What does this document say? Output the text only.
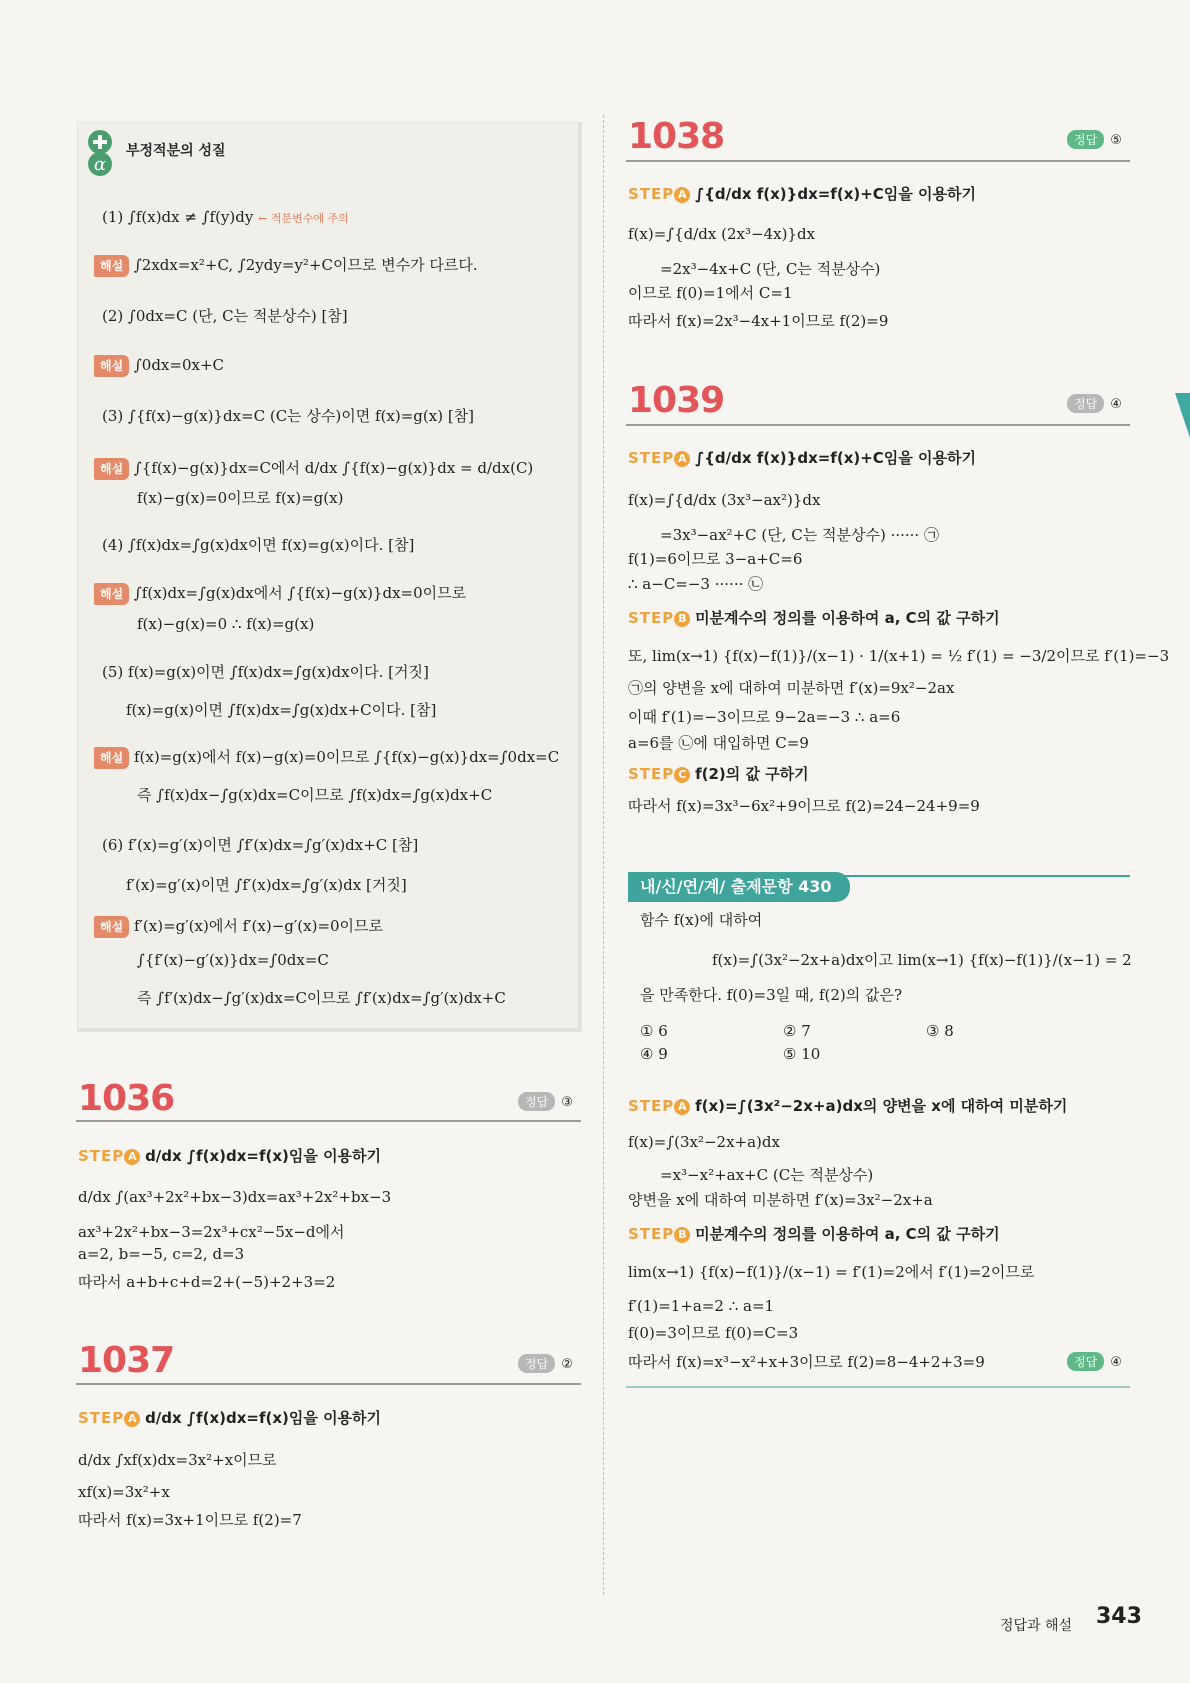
α
부정적분의 성질
(1) ∫f(x)dx ≠ ∫f(y)dy ← 적분변수에 주의
해설 ∫2xdx=x²+C, ∫2ydy=y²+C이므로 변수가 다르다.
(2) ∫0dx=C (단, C는 적분상수) [참]
해설 ∫0dx=0x+C
(3) ∫{f(x)−g(x)}dx=C (C는 상수)이면 f(x)=g(x) [참]
해설 ∫{f(x)−g(x)}dx=C에서 d/dx ∫{f(x)−g(x)}dx = d/dx(C)
f(x)−g(x)=0이므로 f(x)=g(x)
(4) ∫f(x)dx=∫g(x)dx이면 f(x)=g(x)이다. [참]
해설 ∫f(x)dx=∫g(x)dx에서 ∫{f(x)−g(x)}dx=0이므로
f(x)−g(x)=0 ∴ f(x)=g(x)
(5) f(x)=g(x)이면 ∫f(x)dx=∫g(x)dx이다. [거짓]
f(x)=g(x)이면 ∫f(x)dx=∫g(x)dx+C이다. [참]
해설 f(x)=g(x)에서 f(x)−g(x)=0이므로 ∫{f(x)−g(x)}dx=∫0dx=C
즉 ∫f(x)dx−∫g(x)dx=C이므로 ∫f(x)dx=∫g(x)dx+C
(6) f′(x)=g′(x)이면 ∫f′(x)dx=∫g′(x)dx+C [참]
f′(x)=g′(x)이면 ∫f′(x)dx=∫g′(x)dx [거짓]
해설 f′(x)=g′(x)에서 f′(x)−g′(x)=0이므로
∫{f′(x)−g′(x)}dx=∫0dx=C
즉 ∫f′(x)dx−∫g′(x)dx=C이므로 ∫f′(x)dx=∫g′(x)dx+C
1036	정답 ③
STEP A d/dx ∫f(x)dx=f(x)임을 이용하기
d/dx ∫(ax³+2x²+bx−3)dx=ax³+2x²+bx−3
ax³+2x²+bx−3=2x³+cx²−5x−d에서
a=2, b=−5, c=2, d=3
따라서 a+b+c+d=2+(−5)+2+3=2
1037	정답 ②
STEP A d/dx ∫f(x)dx=f(x)임을 이용하기
d/dx ∫xf(x)dx=3x²+x이므로
xf(x)=3x²+x
따라서 f(x)=3x+1이므로 f(2)=7
1038	정답 ⑤
STEP A ∫{d/dx f(x)}dx=f(x)+C임을 이용하기
f(x)=∫{d/dx (2x³−4x)}dx
=2x³−4x+C (단, C는 적분상수)
이므로 f(0)=1에서 C=1
따라서 f(x)=2x³−4x+1이므로 f(2)=9
1039	정답 ④
STEP A ∫{d/dx f(x)}dx=f(x)+C임을 이용하기
f(x)=∫{d/dx (3x³−ax²)}dx
=3x³−ax²+C (단, C는 적분상수) ······ ㉠
f(1)=6이므로 3−a+C=6
∴ a−C=−3 ······ ㉡
STEP B 미분계수의 정의를 이용하여 a, C의 값 구하기
또, lim(x→1) {f(x)−f(1)}/(x−1) · 1/(x+1) = ½ f′(1) = −3/2이므로 f′(1)=−3
㉠의 양변을 x에 대하여 미분하면 f′(x)=9x²−2ax
이때 f′(1)=−3이므로 9−2a=−3 ∴ a=6
a=6를 ㉡에 대입하면 C=9
STEP C f(2)의 값 구하기
따라서 f(x)=3x³−6x²+9이므로 f(2)=24−24+9=9
내/신/연/계/ 출제문항 430
함수 f(x)에 대하여
f(x)=∫(3x²−2x+a)dx이고 lim(x→1) {f(x)−f(1)}/(x−1) = 2
을 만족한다. f(0)=3일 때, f(2)의 값은?
① 6	② 7	③ 8
④ 9	⑤ 10
STEP A f(x)=∫(3x²−2x+a)dx의 양변을 x에 대하여 미분하기
f(x)=∫(3x²−2x+a)dx
=x³−x²+ax+C (C는 적분상수)
양변을 x에 대하여 미분하면 f′(x)=3x²−2x+a
STEP B 미분계수의 정의를 이용하여 a, C의 값 구하기
lim(x→1) {f(x)−f(1)}/(x−1) = f′(1)=2에서 f′(1)=2이므로
f′(1)=1+a=2 ∴ a=1
f(0)=3이므로 f(0)=C=3
따라서 f(x)=x³−x²+x+3이므로 f(2)=8−4+2+3=9	정답 ④
정답과 해설 343
